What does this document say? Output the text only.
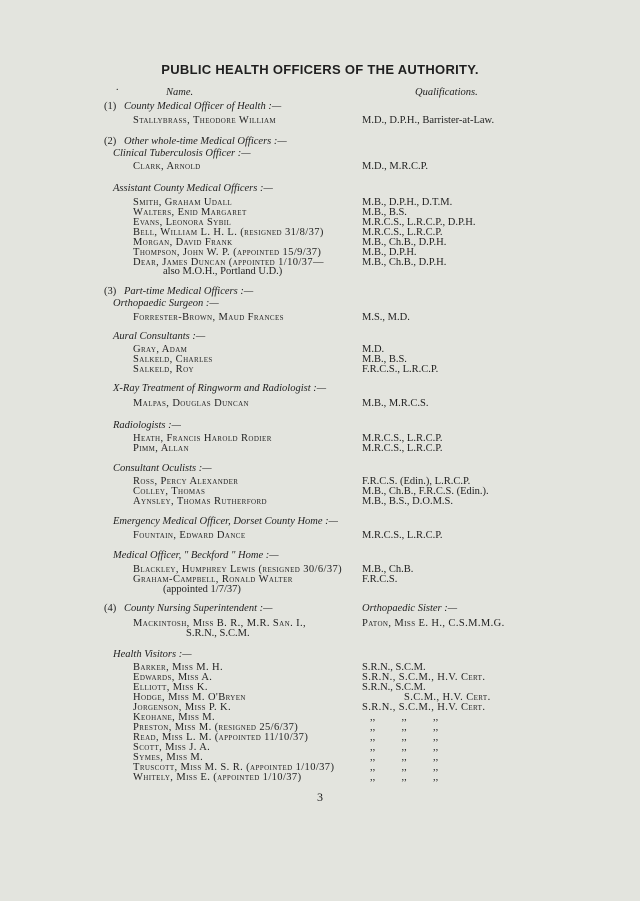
PUBLIC HEALTH OFFICERS OF THE AUTHORITY.
.	Name.	Qualifications.
(1) County Medical Officer of Health :—
Stallybrass, Theodore William	M.D., D.P.H., Barrister-at-Law.
(2) Other whole-time Medical Officers :—
Clinical Tuberculosis Officer :—
Clark, Arnold	M.D., M.R.C.P.
Assistant County Medical Officers :—
Smith, Graham Udall	M.B., D.P.H., D.T.M.
Walters, Enid Margaret	M.B., B.S.
Evans, Leonora Sybil	M.R.C.S., L.R.C.P., D.P.H.
Bell, William L. H. L. (resigned 31/8/37)	M.R.C.S., L.R.C.P.
Morgan, David Frank	M.B., Ch.B., D.P.H.
Thompson, John W. P. (appointed 15/9/37)	M.B., D.P.H.
Dear, James Duncan (appointed 1/10/37—	M.B., Ch.B., D.P.H.
also M.O.H., Portland U.D.)
(3) Part-time Medical Officers :—
Orthopaedic Surgeon :—
Forrester-Brown, Maud Frances	M.S., M.D.
Aural Consultants :—
Gray, Adam	M.D.
Salkeld, Charles	M.B., B.S.
Salkeld, Roy	F.R.C.S., L.R.C.P.
X-Ray Treatment of Ringworm and Radiologist :—
Malpas, Douglas Duncan	M.B., M.R.C.S.
Radiologists :—
Heath, Francis Harold Rodier	M.R.C.S., L.R.C.P.
Pimm, Allan	M.R.C.S., L.R.C.P.
Consultant Oculists :—
Ross, Percy Alexander	F.R.C.S. (Edin.), L.R.C.P.
Colley, Thomas	M.B., Ch.B., F.R.C.S. (Edin.).
Aynsley, Thomas Rutherford	M.B., B.S., D.O.M.S.
Emergency Medical Officer, Dorset County Home :—
Fountain, Edward Dance	M.R.C.S., L.R.C.P.
Medical Officer, " Beckford " Home :—
Blackley, Humphrey Lewis (resigned 30/6/37) M.B., Ch.B.
Graham-Campbell, Ronald Walter	F.R.C.S.
(appointed 1/7/37)
(4) County Nursing Superintendent :—	Orthopaedic Sister :—
Mackintosh, Miss B. R., M.R. San. I.,	Paton, Miss E. H., C.S.M.M.G.
S.R.N., S.C.M.
Health Visitors :—
Barker, Miss M. H.	S.R.N., S.C.M.
Edwards, Miss A.	S.R.N., S.C.M., H.V. Cert.
Elliott, Miss K.	S.R.N., S.C.M.
Hodge, Miss M. O'Bryen	S.C.M., H.V. Cert.
Jorgenson, Miss P. K.	S.R.N., S.C.M., H.V. Cert.
Keohane, Miss M.	,,          ,,          ,,
Preston, Miss M. (resigned 25/6/37)	,,          ,,          ,,
Read, Miss L. M. (appointed 11/10/37)	,,          ,,          ,,
Scott, Miss J. A.	,,          ,,          ,,
Symes, Miss M.	,,          ,,          ,,
Truscott, Miss M. S. R. (appointed 1/10/37)	,,          ,,          ,,
Whitely, Miss E. (appointed 1/10/37)	,,          ,,          ,,
3
